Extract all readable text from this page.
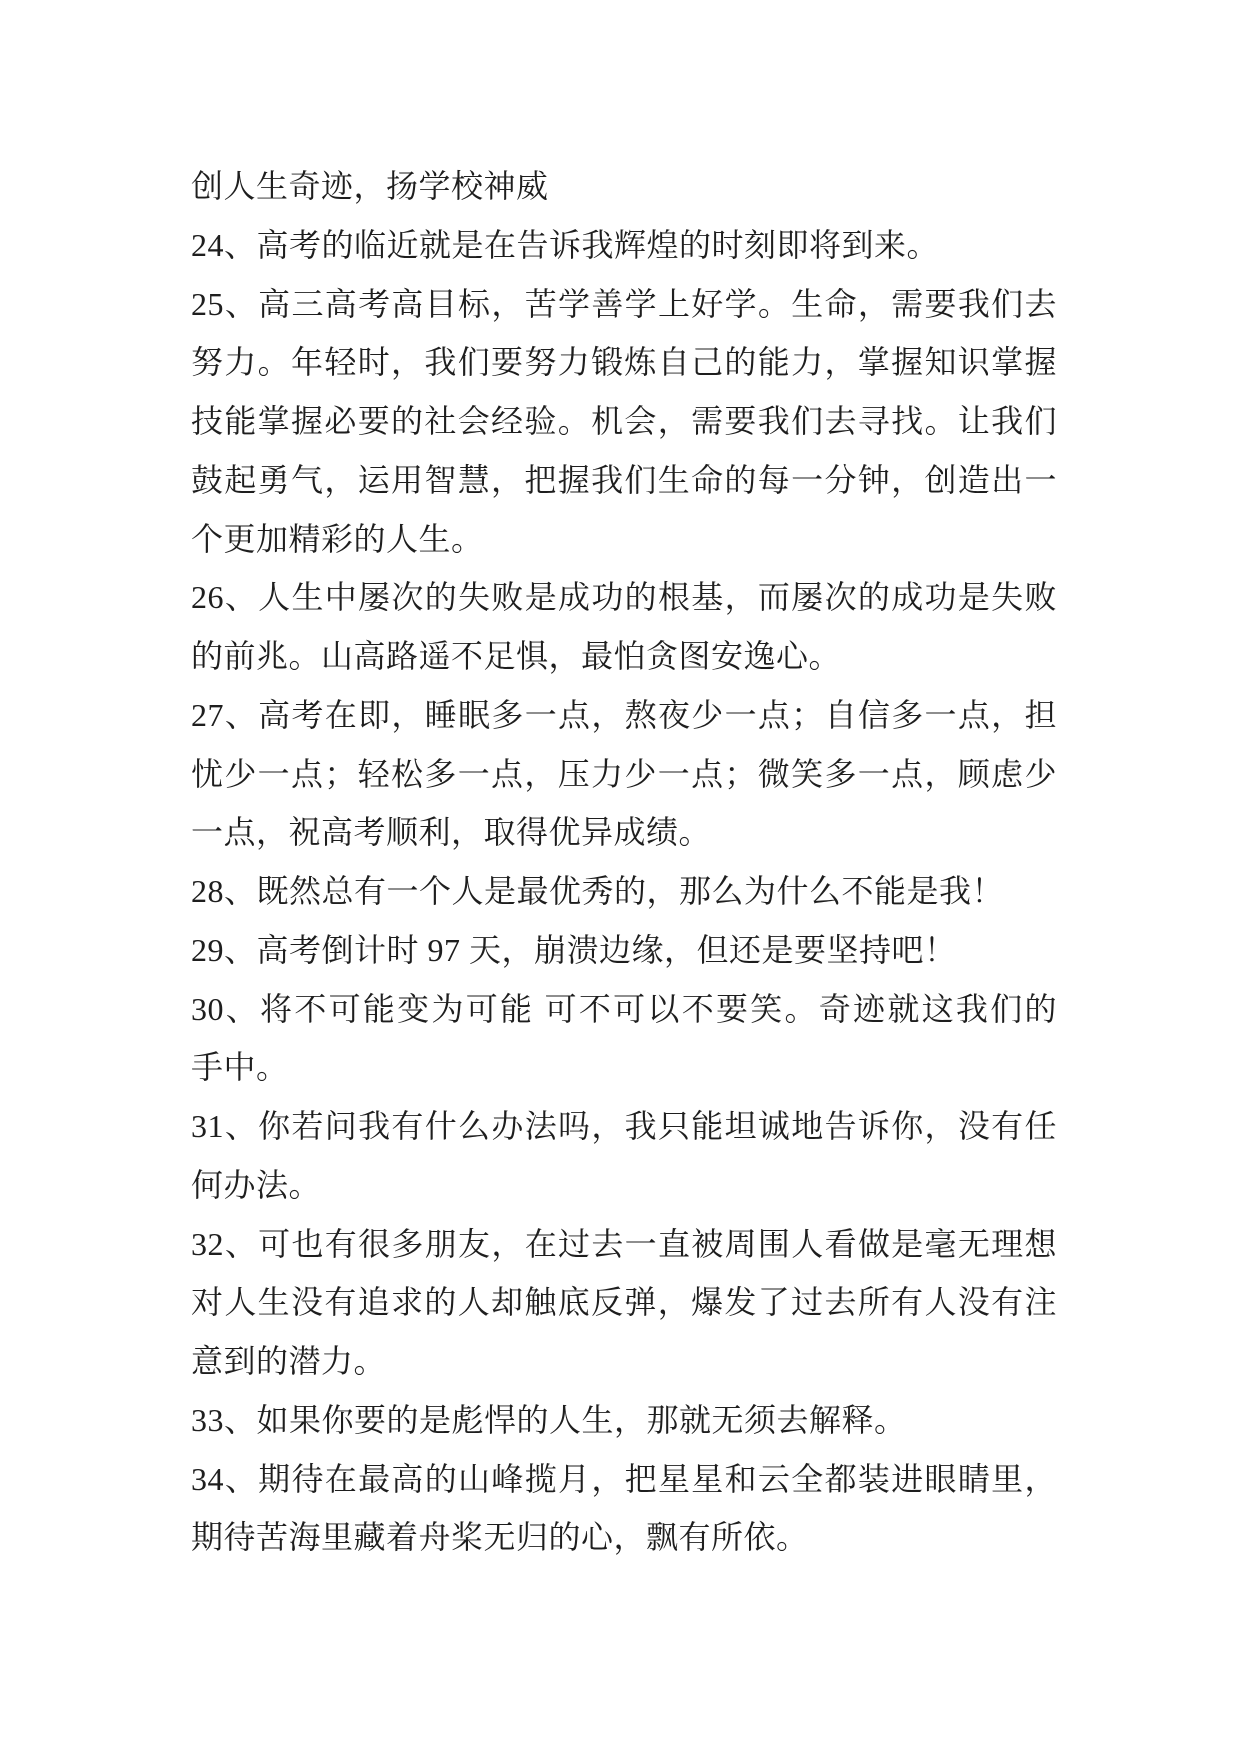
创人生奇迹，扬学校神威
24、高考的临近就是在告诉我辉煌的时刻即将到来。
25、高三高考高目标，苦学善学上好学。生命，需要我们去
努力。年轻时，我们要努力锻炼自己的能力，掌握知识掌握
技能掌握必要的社会经验。机会，需要我们去寻找。让我们
鼓起勇气，运用智慧，把握我们生命的每一分钟，创造出一
个更加精彩的人生。
26、人生中屡次的失败是成功的根基，而屡次的成功是失败
的前兆。山高路遥不足惧，最怕贪图安逸心。
27、高考在即，睡眠多一点，熬夜少一点；自信多一点，担
忧少一点；轻松多一点，压力少一点；微笑多一点，顾虑少
一点，祝高考顺利，取得优异成绩。
28、既然总有一个人是最优秀的，那么为什么不能是我！
29、高考倒计时 97 天，崩溃边缘，但还是要坚持吧！
30、将不可能变为可能 可不可以不要笑。奇迹就这我们的
手中。
31、你若问我有什么办法吗，我只能坦诚地告诉你，没有任
何办法。
32、可也有很多朋友，在过去一直被周围人看做是毫无理想
对人生没有追求的人却触底反弹，爆发了过去所有人没有注
意到的潜力。
33、如果你要的是彪悍的人生，那就无须去解释。
34、期待在最高的山峰揽月，把星星和云全都装进眼睛里，
期待苦海里藏着舟桨无归的心，飘有所依。
